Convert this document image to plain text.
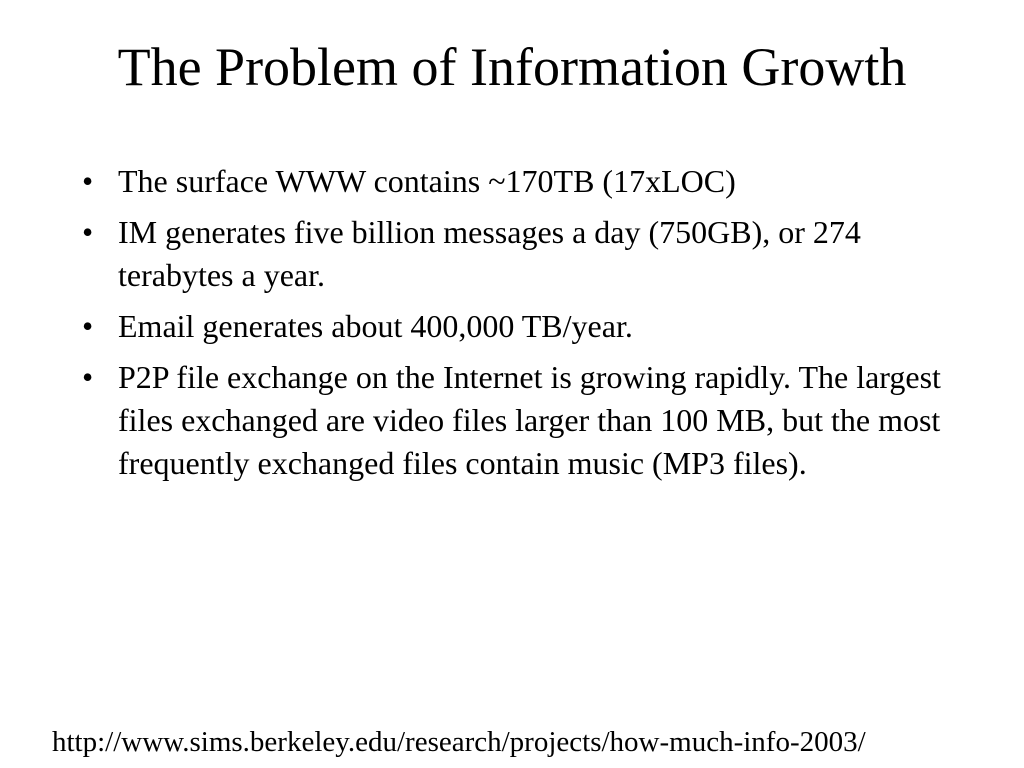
The Problem of Information Growth
• The surface WWW contains ~170TB (17xLOC)
• IM generates five billion messages a day (750GB), or 274 terabytes a year.
• Email generates about 400,000 TB/year.
• P2P file exchange on the Internet is growing rapidly. The largest files exchanged are video files larger than 100 MB, but the most frequently exchanged files contain music (MP3 files).
http://www.sims.berkeley.edu/research/projects/how-much-info-2003/
